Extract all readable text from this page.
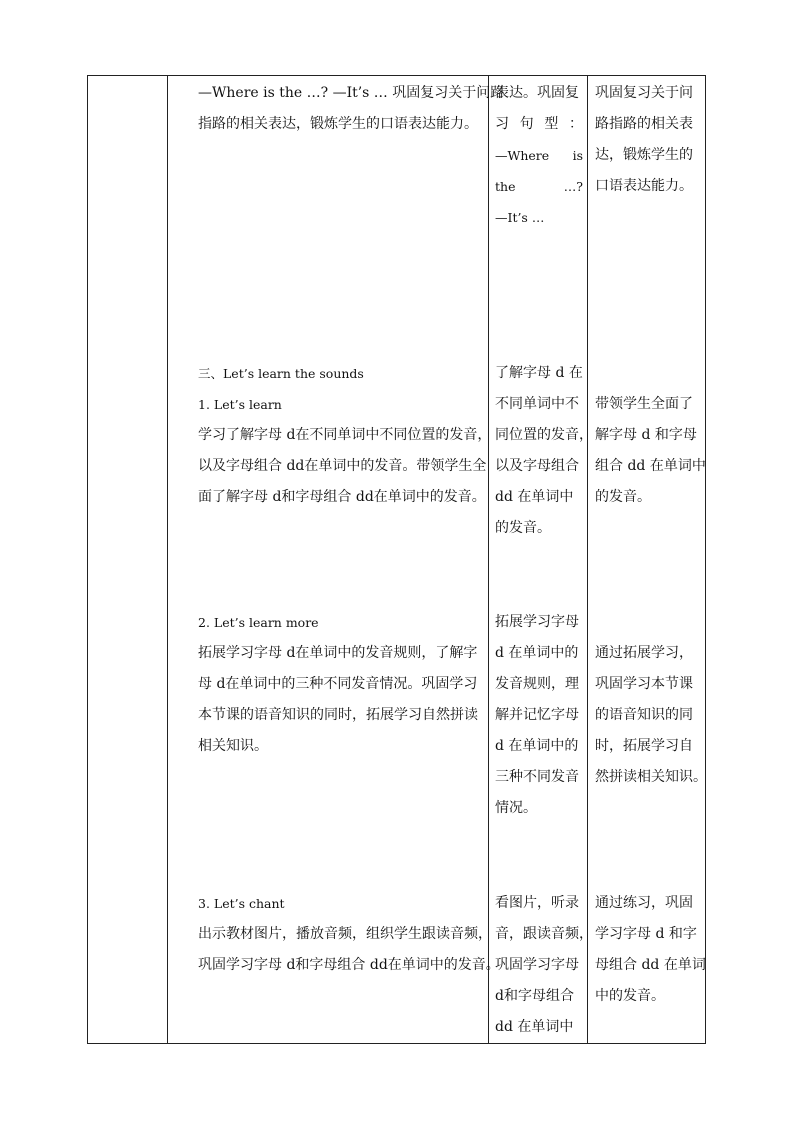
—Where is the …? —It’s … 巩固复习关于问路
指路的相关表达，锻炼学生的口语表达能力。
三、Let’s learn the sounds
1. Let’s learn
学习了解字母 d在不同单词中不同位置的发音，
以及字母组合 dd在单词中的发音。带领学生全
面了解字母 d和字母组合 dd在单词中的发音。
2. Let’s learn more
拓展学习字母 d在单词中的发音规则，了解字
母 d在单词中的三种不同发音情况。巩固学习
本节课的语音知识的同时，拓展学习自然拼读
相关知识。
3. Let’s chant
出示教材图片，播放音频，组织学生跟读音频，
巩固学习字母 d和字母组合 dd在单词中的发音。
表达。巩固复
习 句 型 ：
—Where is
the	…?
—It’s …
了解字母 d 在
不同单词中不
同位置的发音，
以及字母组合
dd 在单词中
的发音。
拓展学习字母
d 在单词中的
发音规则，理
解并记忆字母
d 在单词中的
三种不同发音
情况。
看图片，听录
音，跟读音频，
巩固学习字母
d和字母组合
dd 在单词中
巩固复习关于问
路指路的相关表
达，锻炼学生的
口语表达能力。
带领学生全面了
解字母 d 和字母
组合 dd 在单词中
的发音。
通过拓展学习，
巩固学习本节课
的语音知识的同
时，拓展学习自
然拼读相关知识。
通过练习，巩固
学习字母 d 和字
母组合 dd 在单词
中的发音。
